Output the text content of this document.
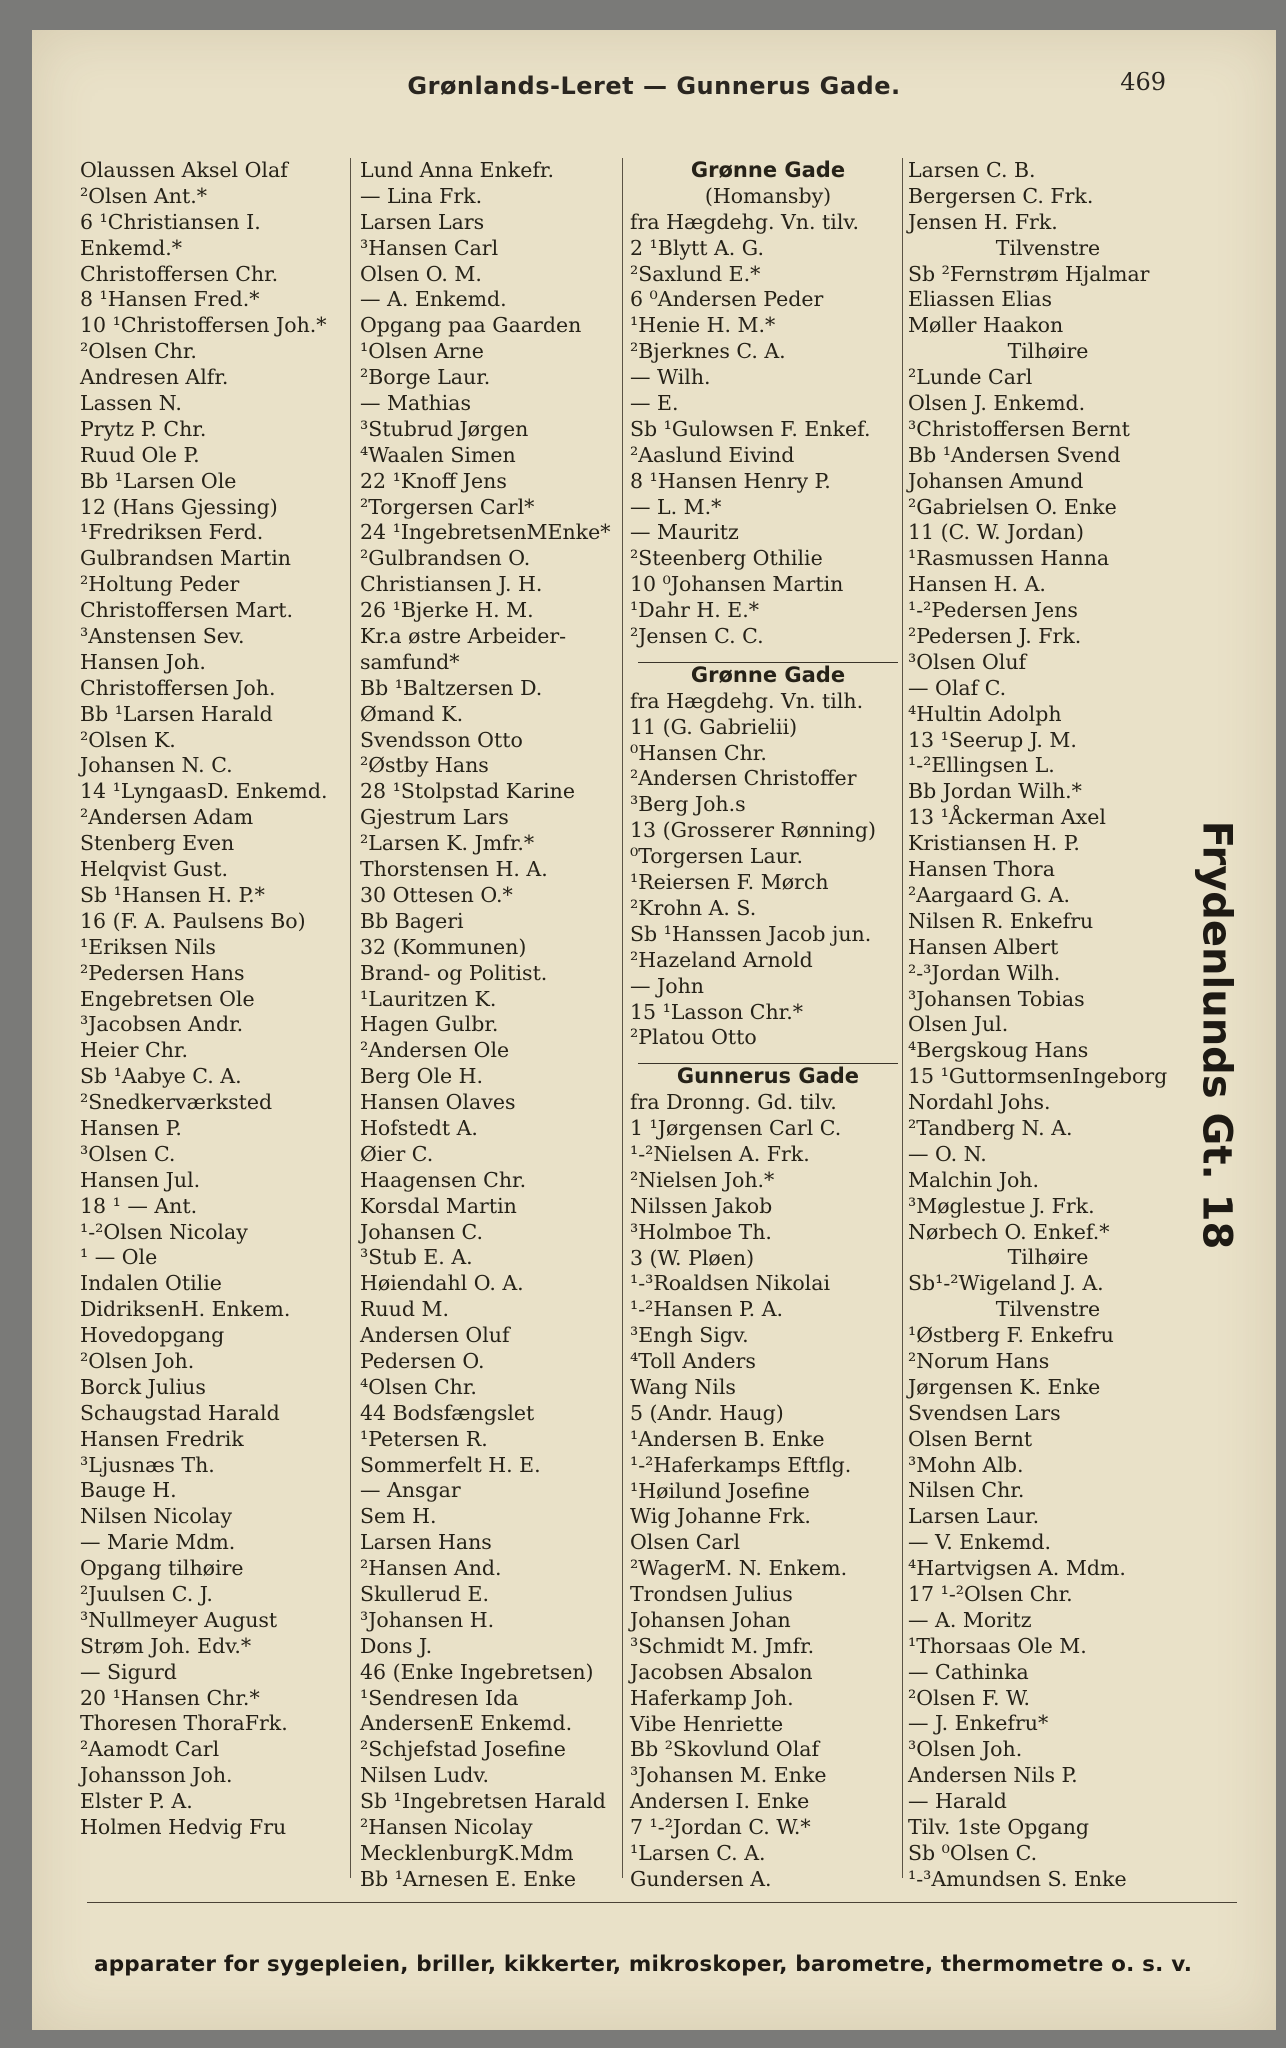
Grønlands-Leret — Gunnerus Gade.	469
Olaussen Aksel Olaf
²Olsen Ant.*
6 ¹Christiansen I.
Enkemd.*
Christoffersen Chr.
8 ¹Hansen Fred.*
10 ¹Christoffersen Joh.*
²Olsen Chr.
Andresen Alfr.
Lassen N.
Prytz P. Chr.
Ruud Ole P.
Bb ¹Larsen Ole
12 (Hans Gjessing)
¹Fredriksen Ferd.
Gulbrandsen Martin
²Holtung Peder
Christoffersen Mart.
³Anstensen Sev.
Hansen Joh.
Christoffersen Joh.
Bb ¹Larsen Harald
²Olsen K.
Johansen N. C.
14 ¹LyngaasD. Enkemd.
²Andersen Adam
Stenberg Even
Helqvist Gust.
Sb ¹Hansen H. P.*
16 (F. A. Paulsens Bo)
¹Eriksen Nils
²Pedersen Hans
Engebretsen Ole
³Jacobsen Andr.
Heier Chr.
Sb ¹Aabye C. A.
²Snedkerværksted
Hansen P.
³Olsen C.
Hansen Jul.
18 ¹ — Ant.
¹-²Olsen Nicolay
¹ — Ole
Indalen Otilie
DidriksenH. Enkem.
Hovedopgang
²Olsen Joh.
Borck Julius
Schaugstad Harald
Hansen Fredrik
³Ljusnæs Th.
Bauge H.
Nilsen Nicolay
— Marie Mdm.
Opgang tilhøire
²Juulsen C. J.
³Nullmeyer August
Strøm Joh. Edv.*
— Sigurd
20 ¹Hansen Chr.*
Thoresen ThoraFrk.
²Aamodt Carl
Johansson Joh.
Elster P. A.
Holmen Hedvig Fru
Lund Anna Enkefr.
— Lina Frk.
Larsen Lars
³Hansen Carl
Olsen O. M.
— A. Enkemd.
Opgang paa Gaarden
¹Olsen Arne
²Borge Laur.
— Mathias
³Stubrud Jørgen
⁴Waalen Simen
22 ¹Knoff Jens
²Torgersen Carl*
24 ¹IngebretsenMEnke*
²Gulbrandsen O.
Christiansen J. H.
26 ¹Bjerke H. M.
Kr.a østre Arbeider-
samfund*
Bb ¹Baltzersen D.
Ømand K.
Svendsson Otto
²Østby Hans
28 ¹Stolpstad Karine
Gjestrum Lars
²Larsen K. Jmfr.*
Thorstensen H. A.
30 Ottesen O.*
Bb Bageri
32 (Kommunen)
Brand- og Politist.
¹Lauritzen K.
Hagen Gulbr.
²Andersen Ole
Berg Ole H.
Hansen Olaves
Hofstedt A.
Øier C.
Haagensen Chr.
Korsdal Martin
Johansen C.
³Stub E. A.
Høiendahl O. A.
Ruud M.
Andersen Oluf
Pedersen O.
⁴Olsen Chr.
44 Bodsfængslet
¹Petersen R.
Sommerfelt H. E.
— Ansgar
Sem H.
Larsen Hans
²Hansen And.
Skullerud E.
³Johansen H.
Dons J.
46 (Enke Ingebretsen)
¹Sendresen Ida
AndersenE Enkemd.
²Schjefstad Josefine
Nilsen Ludv.
Sb ¹Ingebretsen Harald
²Hansen Nicolay
MecklenburgK.Mdm
Bb ¹Arnesen E. Enke
Grønne Gade
(Homansby)
fra Hægdehg. Vn. tilv.
2 ¹Blytt A. G.
²Saxlund E.*
6 ⁰Andersen Peder
¹Henie H. M.*
²Bjerknes C. A.
— Wilh.
— E.
Sb ¹Gulowsen F. Enkef.
²Aaslund Eivind
8 ¹Hansen Henry P.
— L. M.*
— Mauritz
²Steenberg Othilie
10 ⁰Johansen Martin
¹Dahr H. E.*
²Jensen C. C.
Grønne Gade
fra Hægdehg. Vn. tilh.
11 (G. Gabrielii)
⁰Hansen Chr.
²Andersen Christoffer
³Berg Joh.s
13 (Grosserer Rønning)
⁰Torgersen Laur.
¹Reiersen F. Mørch
²Krohn A. S.
Sb ¹Hanssen Jacob jun.
²Hazeland Arnold
— John
15 ¹Lasson Chr.*
²Platou Otto
Gunnerus Gade
fra Dronng. Gd. tilv.
1 ¹Jørgensen Carl C.
¹-²Nielsen A. Frk.
²Nielsen Joh.*
Nilssen Jakob
³Holmboe Th.
3 (W. Pløen)
¹-³Roaldsen Nikolai
¹-²Hansen P. A.
³Engh Sigv.
⁴Toll Anders
Wang Nils
5 (Andr. Haug)
¹Andersen B. Enke
¹-²Haferkamps Eftflg.
¹Høilund Josefine
Wig Johanne Frk.
Olsen Carl
²WagerM. N. Enkem.
Trondsen Julius
Johansen Johan
³Schmidt M. Jmfr.
Jacobsen Absalon
Haferkamp Joh.
Vibe Henriette
Bb ²Skovlund Olaf
³Johansen M. Enke
Andersen I. Enke
7 ¹-²Jordan C. W.*
¹Larsen C. A.
Gundersen A.
Larsen C. B.
Bergersen C. Frk.
Jensen H. Frk.
Tilvenstre
Sb ²Fernstrøm Hjalmar
Eliassen Elias
Møller Haakon
Tilhøire
²Lunde Carl
Olsen J. Enkemd.
³Christoffersen Bernt
Bb ¹Andersen Svend
Johansen Amund
²Gabrielsen O. Enke
11 (C. W. Jordan)
¹Rasmussen Hanna
Hansen H. A.
¹-²Pedersen Jens
²Pedersen J. Frk.
³Olsen Oluf
— Olaf C.
⁴Hultin Adolph
13 ¹Seerup J. M.
¹-²Ellingsen L.
Bb Jordan Wilh.*
13 ¹Åckerman Axel
Kristiansen H. P.
Hansen Thora
²Aargaard G. A.
Nilsen R. Enkefru
Hansen Albert
²-³Jordan Wilh.
³Johansen Tobias
Olsen Jul.
⁴Bergskoug Hans
15 ¹GuttormsenIngeborg
Nordahl Johs.
²Tandberg N. A.
— O. N.
Malchin Joh.
³Møglestue J. Frk.
Nørbech O. Enkef.*
Tilhøire
Sb¹-²Wigeland J. A.
Tilvenstre
¹Østberg F. Enkefru
²Norum Hans
Jørgensen K. Enke
Svendsen Lars
Olsen Bernt
³Mohn Alb.
Nilsen Chr.
Larsen Laur.
— V. Enkemd.
⁴Hartvigsen A. Mdm.
17 ¹-²Olsen Chr.
— A. Moritz
¹Thorsaas Ole M.
— Cathinka
²Olsen F. W.
— J. Enkefru*
³Olsen Joh.
Andersen Nils P.
— Harald
Tilv. 1ste Opgang
Sb ⁰Olsen C.
¹-³Amundsen S. Enke
Frydenlunds Gt. 18
apparater for sygepleien, briller, kikkerter, mikroskoper, barometre, thermometre o. s. v.
